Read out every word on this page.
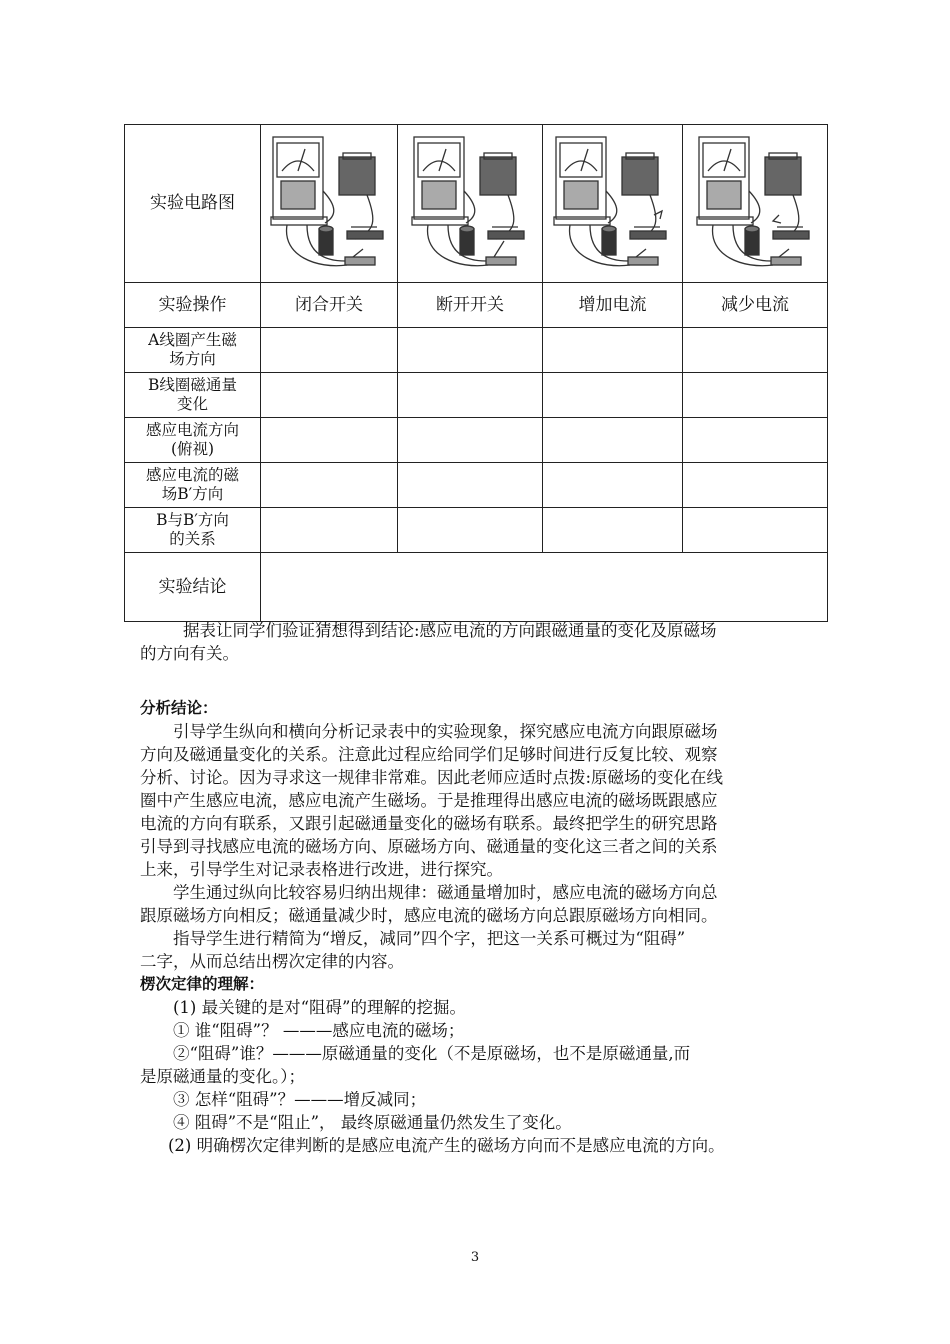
实验电路图	

实验操作	闭合开关	断开开关	增加电流	减少电流
A线圈产生磁
场方向				
B线圈磁通量
变化				
感应电流方向
(俯视)				
感应电流的磁
场B′方向				
B与B′方向
的关系				
实验结论				

据表让同学们验证猜想得到结论:感应电流的方向跟磁通量的变化及原磁场

的方向有关。

分析结论：

引导学生纵向和横向分析记录表中的实验现象，探究感应电流方向跟原磁场

方向及磁通量变化的关系。注意此过程应给同学们足够时间进行反复比较、观察

分析、讨论。因为寻求这一规律非常难。因此老师应适时点拨:原磁场的变化在线

圈中产生感应电流，感应电流产生磁场。于是推理得出感应电流的磁场既跟感应

电流的方向有联系，又跟引起磁通量变化的磁场有联系。最终把学生的研究思路

引导到寻找感应电流的磁场方向、原磁场方向、磁通量的变化这三者之间的关系

上来，引导学生对记录表格进行改进，进行探究。

学生通过纵向比较容易归纳出规律：磁通量增加时，感应电流的磁场方向总

跟原磁场方向相反；磁通量减少时，感应电流的磁场方向总跟原磁场方向相同。

指导学生进行精简为“增反，减同”四个字，把这一关系可概过为“阻碍”

二字，从而总结出楞次定律的内容。

楞次定律的理解：

(1) 最关键的是对“阻碍”的理解的挖掘。

① 谁“阻碍”？ ———感应电流的磁场；

②“阻碍”谁？———原磁通量的变化（不是原磁场，也不是原磁通量,而

是原磁通量的变化。）；

③ 怎样“阻碍”？———增反减同；

④ 阻碍”不是“阻止”， 最终原磁通量仍然发生了变化。

(2) 明确楞次定律判断的是感应电流产生的磁场方向而不是感应电流的方向。

3
